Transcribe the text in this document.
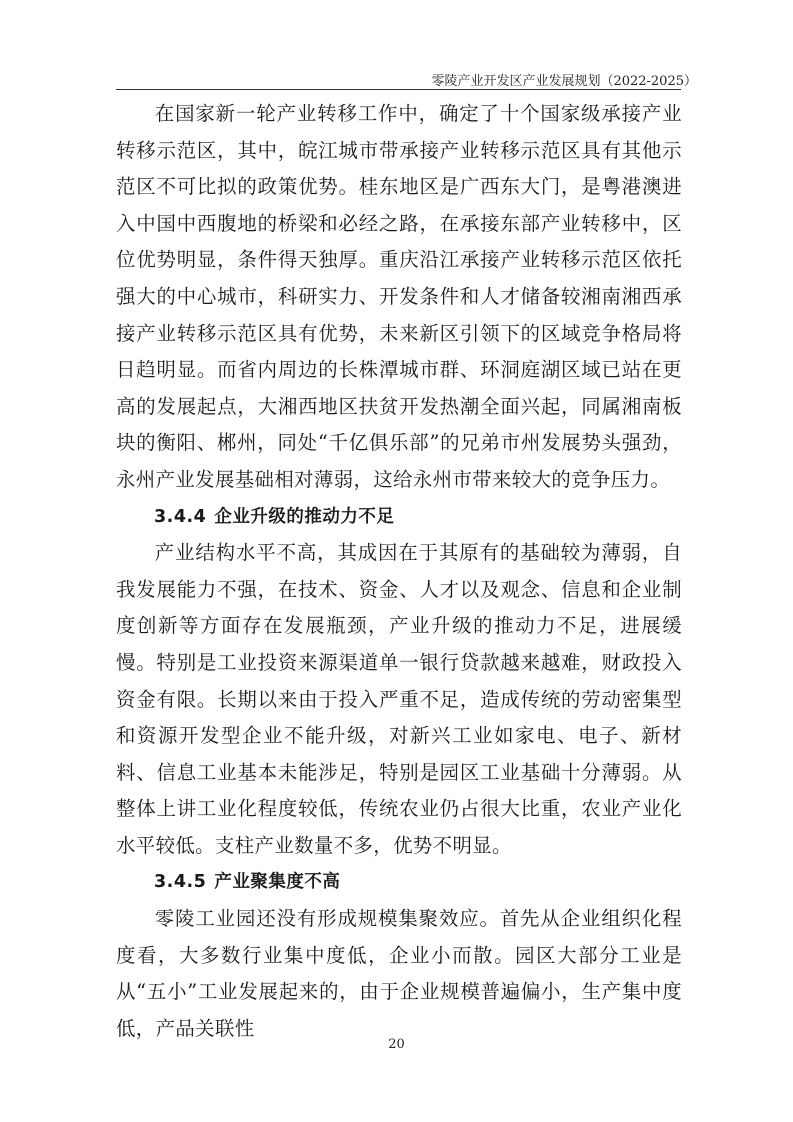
零陵产业开发区产业发展规划（2022-2025）

在国家新一轮产业转移工作中，确定了十个国家级承接产业转移示范区，其中，皖江城市带承接产业转移示范区具有其他示范区不可比拟的政策优势。桂东地区是广西东大门，是粤港澳进入中国中西腹地的桥梁和必经之路，在承接东部产业转移中，区位优势明显，条件得天独厚。重庆沿江承接产业转移示范区依托强大的中心城市，科研实力、开发条件和人才储备较湘南湘西承接产业转移示范区具有优势，未来新区引领下的区域竞争格局将日趋明显。而省内周边的长株潭城市群、环洞庭湖区域已站在更高的发展起点，大湘西地区扶贫开发热潮全面兴起，同属湘南板块的衡阳、郴州，同处“千亿俱乐部”的兄弟市州发展势头强劲，永州产业发展基础相对薄弱，这给永州市带来较大的竞争压力。

3.4.4 企业升级的推动力不足

产业结构水平不高，其成因在于其原有的基础较为薄弱，自我发展能力不强，在技术、资金、人才以及观念、信息和企业制度创新等方面存在发展瓶颈，产业升级的推动力不足，进展缓慢。特别是工业投资来源渠道单一银行贷款越来越难，财政投入资金有限。长期以来由于投入严重不足，造成传统的劳动密集型和资源开发型企业不能升级，对新兴工业如家电、电子、新材料、信息工业基本未能涉足，特别是园区工业基础十分薄弱。从整体上讲工业化程度较低，传统农业仍占很大比重，农业产业化水平较低。支柱产业数量不多，优势不明显。

3.4.5 产业聚集度不高

零陵工业园还没有形成规模集聚效应。首先从企业组织化程度看，大多数行业集中度低，企业小而散。园区大部分工业是从“五小”工业发展起来的，由于企业规模普遍偏小，生产集中度低，产品关联性

20
